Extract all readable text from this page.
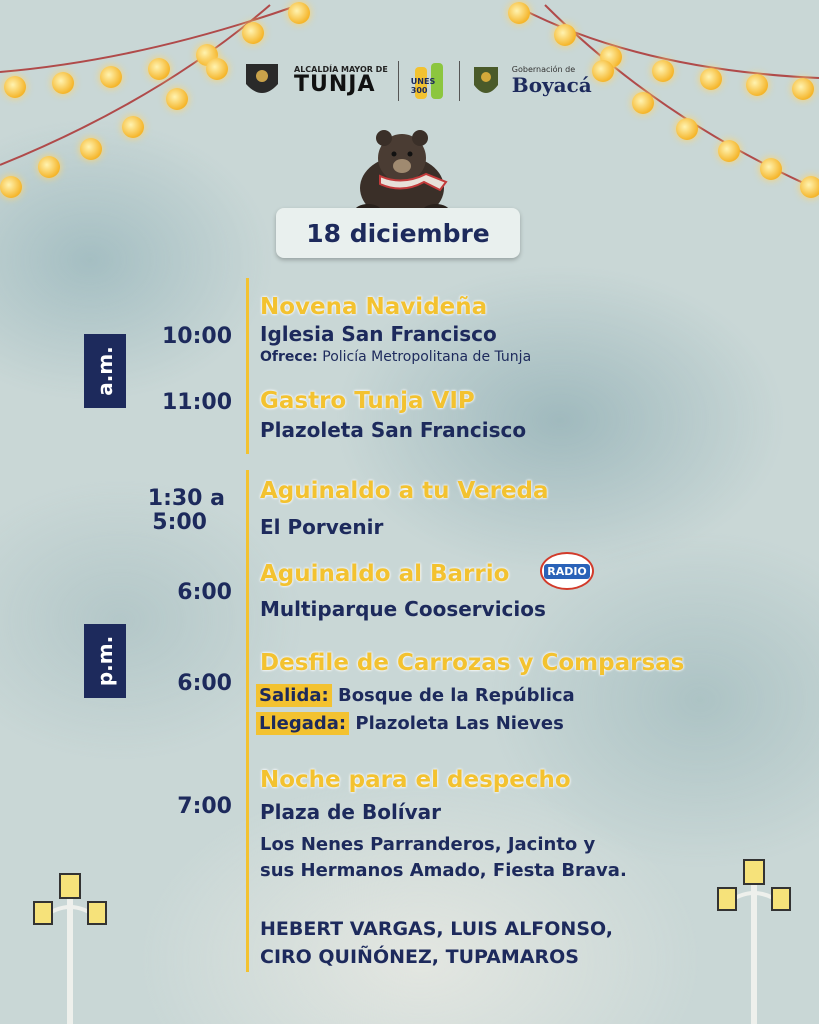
ALCALDÍA MAYOR DE
TUNJA	UNES 300
Gobernación de
Boyacá
18 diciembre
a.m.
p.m.
10:00
Novena Navideña
Iglesia San Francisco
Ofrece: Policía Metropolitana de Tunja
11:00 Gastro Tunja VIP
Plazoleta San Francisco
1:30 a
5:00
Aguinaldo a tu Vereda
El Porvenir
6:00
Aguinaldo al Barrio	RADIO
Multiparque Cooservicios
6:00
Desfile de Carrozas y Comparsas
Salida: Bosque de la República
Llegada: Plazoleta Las Nieves
7:00
Noche para el despecho
Plaza de Bolívar
Los Nenes Parranderos, Jacinto y
sus Hermanos Amado, Fiesta Brava.
HEBERT VARGAS, LUIS ALFONSO,
CIRO QUIÑÓNEZ, TUPAMAROS
